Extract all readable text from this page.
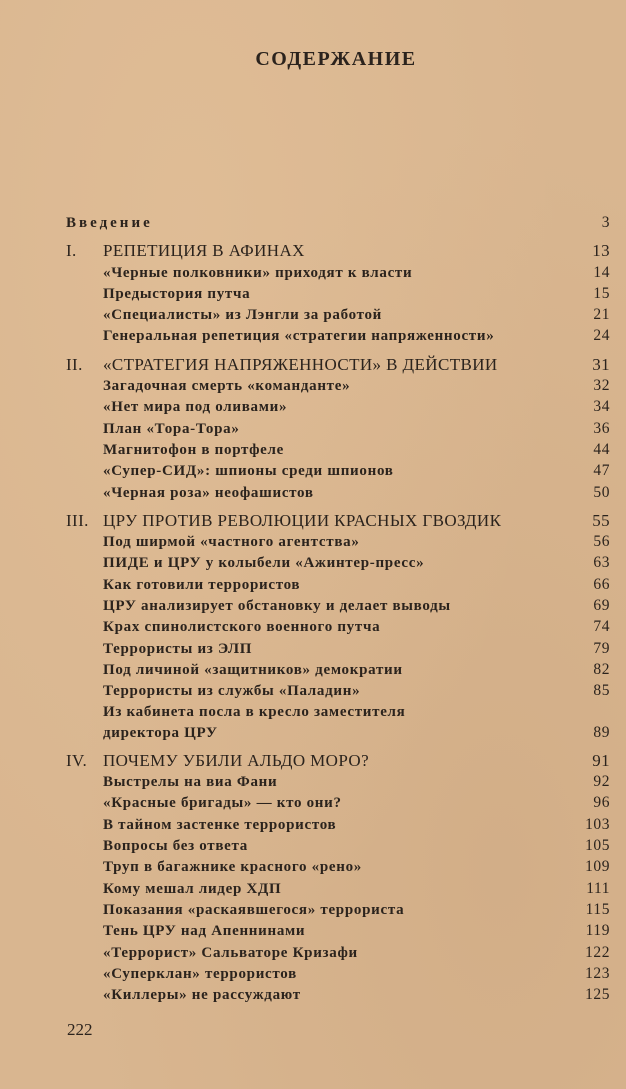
СОДЕРЖАНИЕ
Введение	3
I.	РЕПЕТИЦИЯ В АФИНАХ	13
«Черные полковники» приходят к власти	14
Предыстория путча	15
«Специалисты» из Лэнгли за работой	21
Генеральная репетиция «стратегии напряженности»	24
II.	«СТРАТЕГИЯ НАПРЯЖЕННОСТИ» В ДЕЙСТВИИ	31
Загадочная смерть «команданте»	32
«Нет мира под оливами»	34
План «Тора-Тора»	36
Магнитофон в портфеле	44
«Супер-СИД»: шпионы среди шпионов	47
«Черная роза» неофашистов	50
III. ЦРУ ПРОТИВ РЕВОЛЮЦИИ КРАСНЫХ ГВОЗДИК	55
Под ширмой «частного агентства»	56
ПИДЕ и ЦРУ у колыбели «Ажинтер-пресс»	63
Как готовили террористов	66
ЦРУ анализирует обстановку и делает выводы	69
Крах спинолистского военного путча	74
Террористы из ЭЛП	79
Под личиной «защитников» демократии	82
Террористы из службы «Паладин»	85
Из кабинета посла в кресло заместителя
директора ЦРУ	89
IV. ПОЧЕМУ УБИЛИ АЛЬДО МОРО?	91
Выстрелы на виа Фани	92
«Красные бригады» — кто они?	96
В тайном застенке террористов	103
Вопросы без ответа	105
Труп в багажнике красного «рено»	109
Кому мешал лидер ХДП	111
Показания «раскаявшегося» террориста	115
Тень ЦРУ над Апеннинами	119
«Террорист» Сальваторе Кризафи	122
«Суперклан» террористов	123
«Киллеры» не рассуждают	125
222
